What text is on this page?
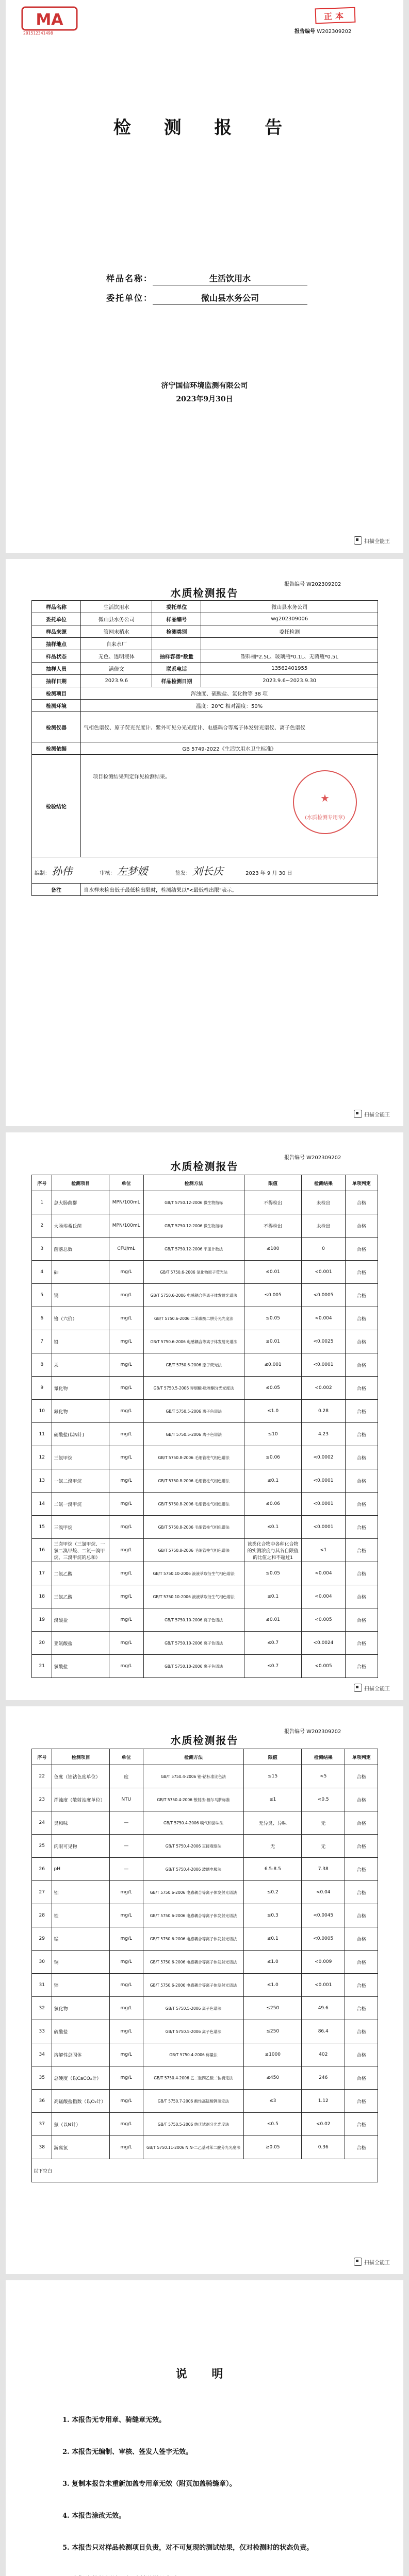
MA
201512341498
正本
报告编号 W202309202
检 测 报 告
样品名称：	生活饮用水
委托单位：	微山县水务公司
济宁国信环境监测有限公司
2023年9月30日
扫描全能王
报告编号 W202309202
水质检测报告
样品名称	生活饮用水	委托单位	微山县水务公司
委托单位	微山县水务公司	样品编号	wg202309006
样品来源	管网末梢水	检测类别	委托检测
抽样地点	自来水厂		
样品状态	无色、透明液体	抽样容器*数量	塑料桶*2.5L、玻璃瓶*0.1L、无菌瓶*0.5L
抽样人员	满倍文	联系电话	13562401955
抽样日期	2023.9.6	样品检测日期	2023.9.6~2023.9.30
检测项目	浑浊度、硫酸盐、氯化物等 38 项		
检测环境	温度：20℃ 相对湿度：50%		
检测仪器	气相色谱仪、原子荧光光度计、紫外可见分光光度计、电感耦合等离子体发射光谱仪、离子色谱仪		
检测依据	GB 5749-2022《生活饮用水卫生标准》		
检验结论	项目检测结果判定详见检测结果。
★
(水质检测专用章)		

编制： 孙伟 审核： 左梦媛 签发： 刘长庆 2023 年 9 月 30 日			
备注	当水样未检出低于最低检出限时，检测结果以"<最低检出限"表示。		
扫描全能王
报告编号 W202309202
水质检测报告
序号	检测项目	单位	检测方法	限值	检测结果	单项判定
1	总大肠菌群	MPN/100mL	GB/T 5750.12-2006 微生物指标	不得检出	未检出	合格
2	大肠埃希氏菌	MPN/100mL	GB/T 5750.12-2006 微生物指标	不得检出	未检出	合格
3	菌落总数	CFU/mL	GB/T 5750.12-2006 平皿计数法	≤100	0	合格
4	砷	mg/L	GB/T 5750.6-2006 氢化物原子荧光法	≤0.01	<0.001	合格
5	镉	mg/L	GB/T 5750.6-2006 电感耦合等离子体发射光谱法	≤0.005	<0.0005	合格
6	铬（六价）	mg/L	GB/T 5750.6-2006 二苯碳酰二肼分光光度法	≤0.05	<0.004	合格
7	铅	mg/L	GB/T 5750.6-2006 电感耦合等离子体发射光谱法	≤0.01	<0.0025	合格
8	汞	mg/L	GB/T 5750.6-2006 原子荧光法	≤0.001	<0.0001	合格
9	氰化物	mg/L	GB/T 5750.5-2006 异烟酸-吡唑酮分光光度法	≤0.05	<0.002	合格
10	氟化物	mg/L	GB/T 5750.5-2006 离子色谱法	≤1.0	0.28	合格
11	硝酸盐(以N计)	mg/L	GB/T 5750.5-2006 离子色谱法	≤10	4.23	合格
12	三氯甲烷	mg/L	GB/T 5750.8-2006 毛细管柱气相色谱法	≤0.06	<0.0002	合格
13	一氯二溴甲烷	mg/L	GB/T 5750.8-2006 毛细管柱气相色谱法	≤0.1	<0.0001	合格
14	二氯一溴甲烷	mg/L	GB/T 5750.8-2006 毛细管柱气相色谱法	≤0.06	<0.0001	合格
15	三溴甲烷	mg/L	GB/T 5750.8-2006 毛细管柱气相色谱法	≤0.1	<0.0001	合格
16	三卤甲烷（三氯甲烷、一氯二溴甲烷、二氯一溴甲烷、三溴甲烷的总和）	mg/L	GB/T 5750.8-2006 毛细管柱气相色谱法	该类化合物中各种化合物的实测浓度与其各自限值的比值之和不超过1	<1	合格
17	二氯乙酸	mg/L	GB/T 5750.10-2006 液液萃取衍生气相色谱法	≤0.05	<0.004	合格
18	三氯乙酸	mg/L	GB/T 5750.10-2006 液液萃取衍生气相色谱法	≤0.1	<0.004	合格
19	溴酸盐	mg/L	GB/T 5750.10-2006 离子色谱法	≤0.01	<0.005	合格
20	亚氯酸盐	mg/L	GB/T 5750.10-2006 离子色谱法	≤0.7	<0.0024	合格
21	氯酸盐	mg/L	GB/T 5750.10-2006 离子色谱法	≤0.7	<0.005	合格
扫描全能王
报告编号 W202309202
水质检测报告
序号	检测项目	单位	检测方法	限值	检测结果	单项判定
22	色度（铂钴色度单位）	度	GB/T 5750.4-2006 铂-钴标准比色法	≤15	<5	合格
23	浑浊度（散射浊度单位）	NTU	GB/T 5750.4-2006 散射法-福尔马肼标准	≤1	<0.5	合格
24	臭和味	—	GB/T 5750.4-2006 嗅气和尝味法	无异臭、异味	无	合格
25	肉眼可见物	—	GB/T 5750.4-2006 直接观察法	无	无	合格
26	pH	—	GB/T 5750.4-2006 玻璃电极法	6.5-8.5	7.38	合格
27	铝	mg/L	GB/T 5750.6-2006 电感耦合等离子体发射光谱法	≤0.2	<0.04	合格
28	铁	mg/L	GB/T 5750.6-2006 电感耦合等离子体发射光谱法	≤0.3	<0.0045	合格
29	锰	mg/L	GB/T 5750.6-2006 电感耦合等离子体发射光谱法	≤0.1	<0.0005	合格
30	铜	mg/L	GB/T 5750.6-2006 电感耦合等离子体发射光谱法	≤1.0	<0.009	合格
31	锌	mg/L	GB/T 5750.6-2006 电感耦合等离子体发射光谱法	≤1.0	<0.001	合格
32	氯化物	mg/L	GB/T 5750.5-2006 离子色谱法	≤250	49.6	合格
33	硫酸盐	mg/L	GB/T 5750.5-2006 离子色谱法	≤250	86.4	合格
34	溶解性总固体	mg/L	GB/T 5750.4-2006 称量法	≤1000	402	合格
35	总硬度（以CaCO₃计）	mg/L	GB/T 5750.4-2006 乙二胺四乙酸二钠滴定法	≤450	246	合格
36	高锰酸盐指数（以O₂计）	mg/L	GB/T 5750.7-2006 酸性高锰酸钾滴定法	≤3	1.12	合格
37	氨（以N计）	mg/L	GB/T 5750.5-2006 纳氏试剂分光光度法	≤0.5	<0.02	合格
38	游离氯	mg/L	GB/T 5750.11-2006 N,N-二乙基对苯二胺分光光度法	≥0.05	0.36	合格
以下空白						
扫描全能王
说 明
1. 本报告无专用章、骑缝章无效。
2. 本报告无编制、审核、签发人签字无效。
3. 复制本报告未重新加盖专用章无效（附页加盖骑缝章）。
4. 本报告涂改无效。
5. 本报告只对样品检测项目负责，对不可复现的测试结果，仅对检测时的状态负责。
